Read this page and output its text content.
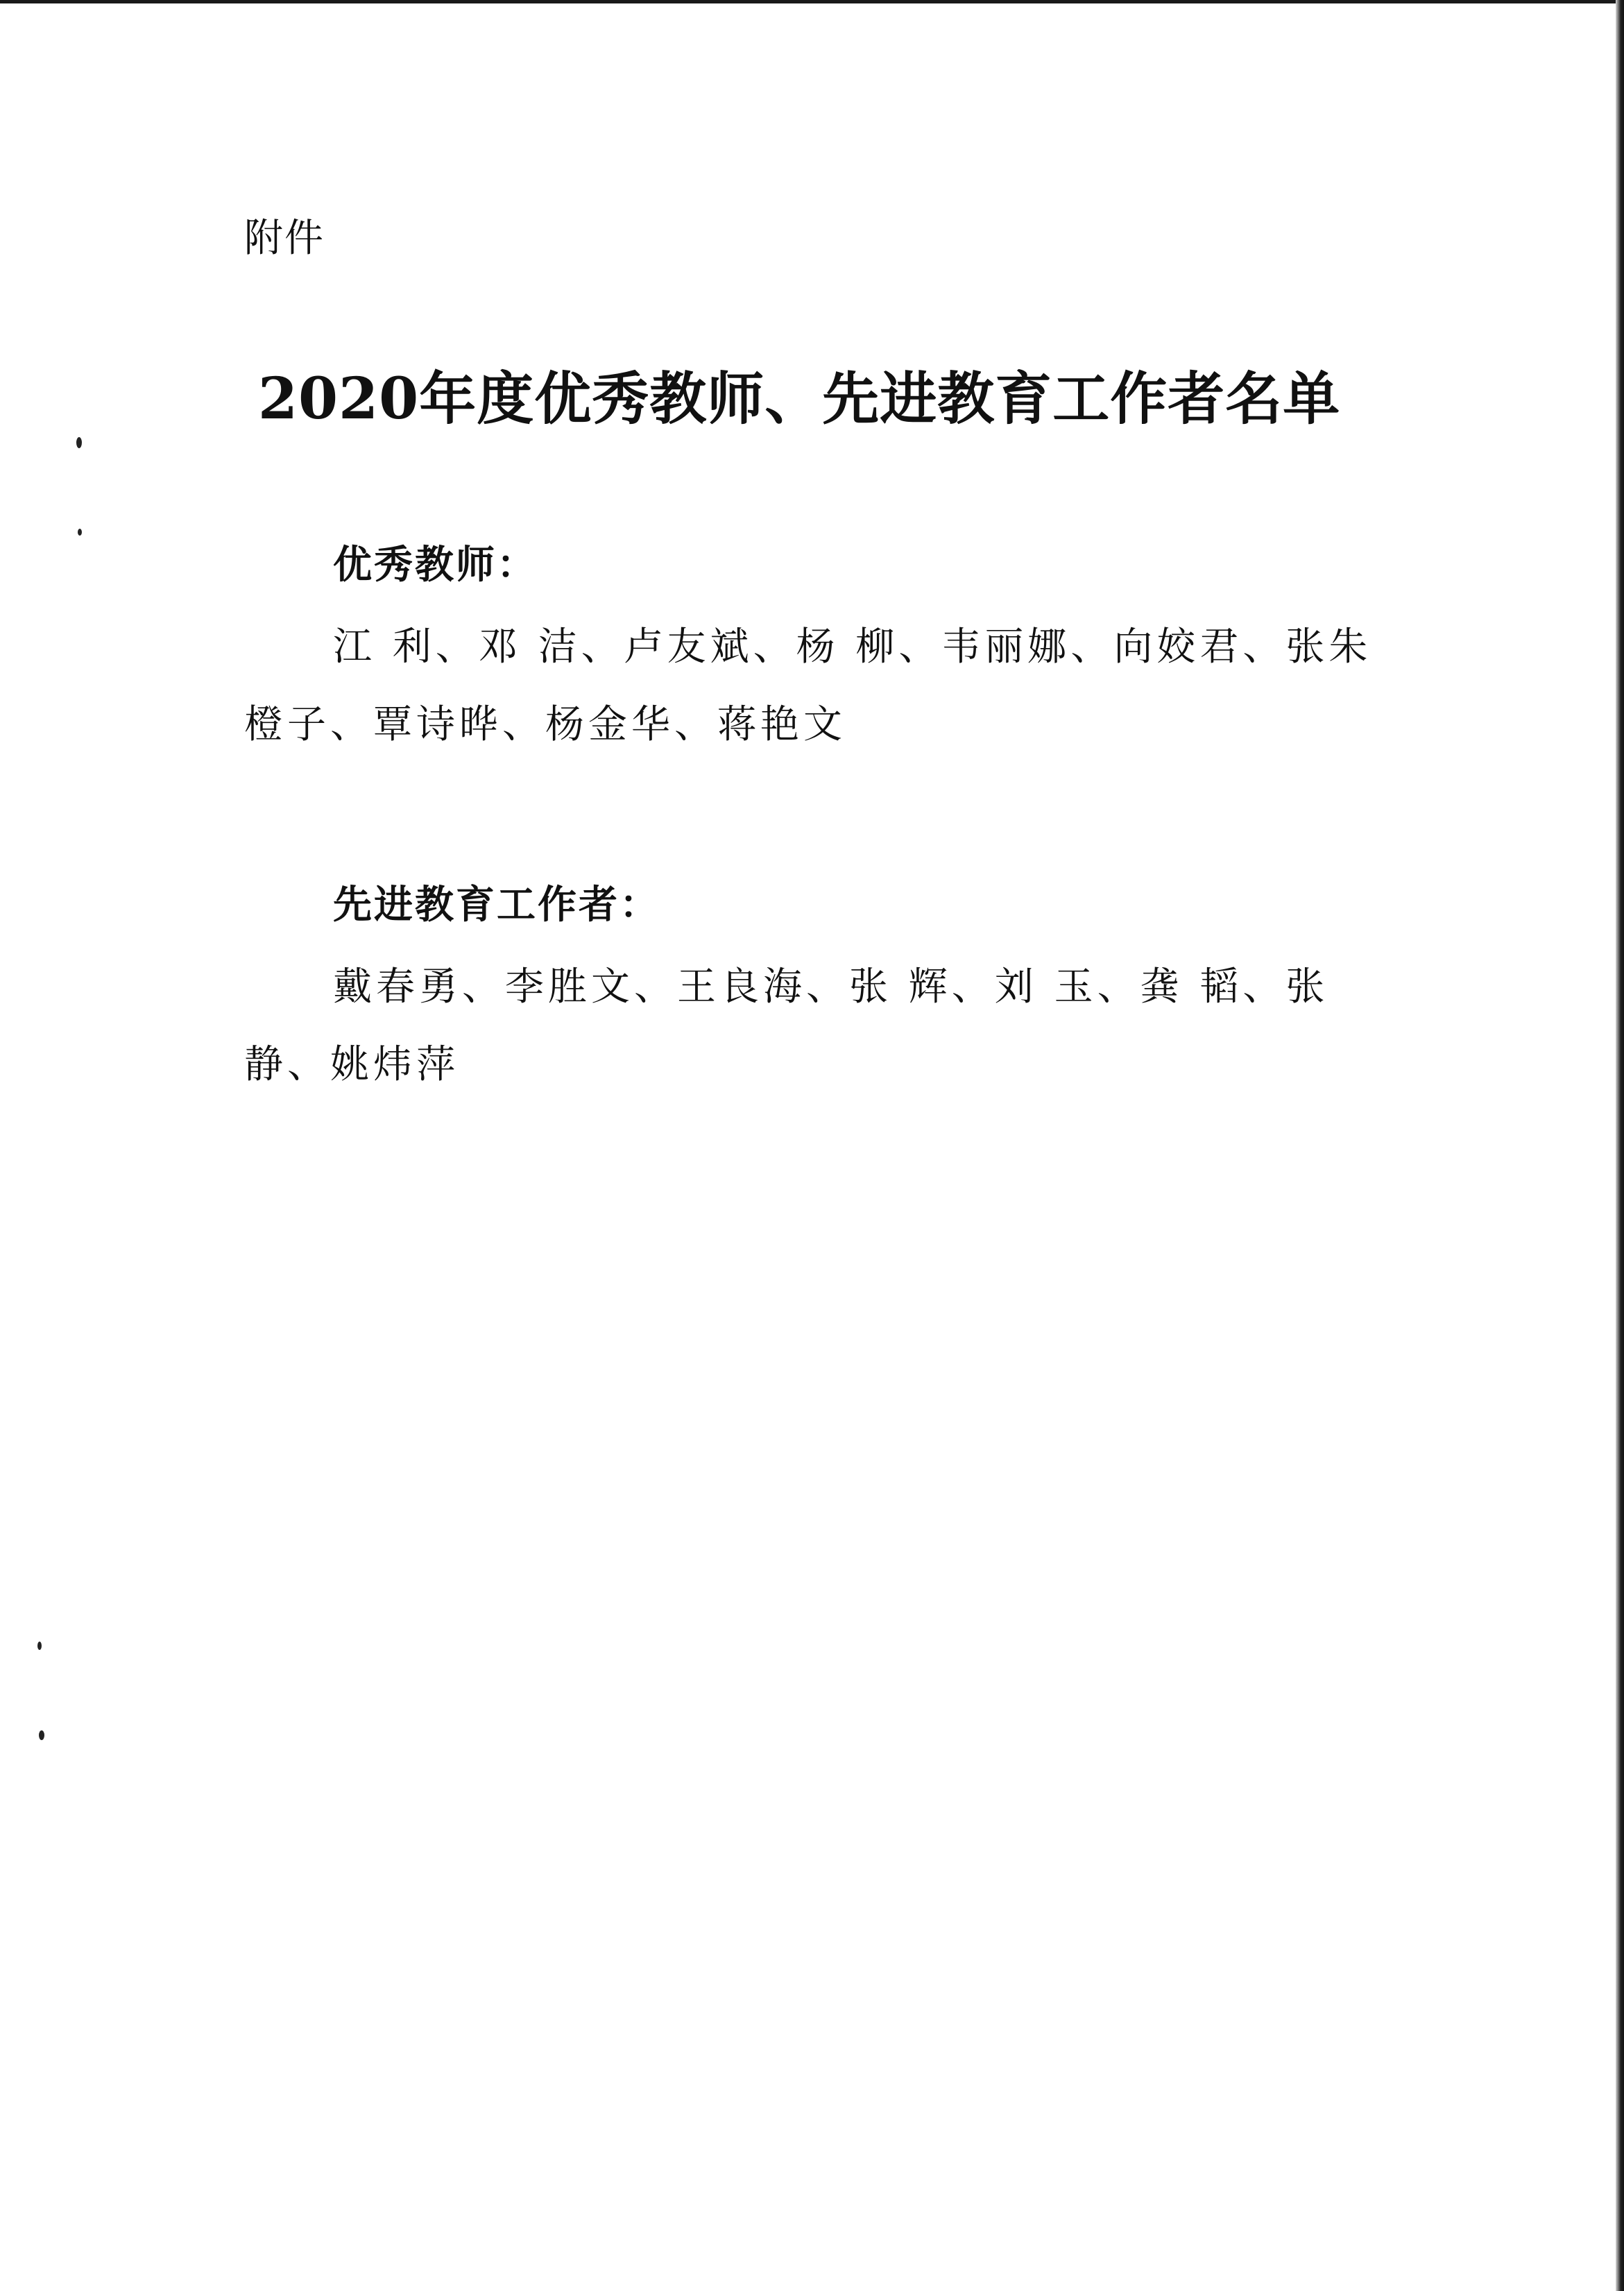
附件
2020年度优秀教师、先进教育工作者名单
优秀教师：
江 利、邓 洁、卢友斌、杨 柳、韦丽娜、向姣君、张朱橙子、覃诗晔、杨金华、蒋艳文
先进教育工作者：
戴春勇、李胜文、王良海、张 辉、刘 玉、龚 韬、张静、姚炜萍
